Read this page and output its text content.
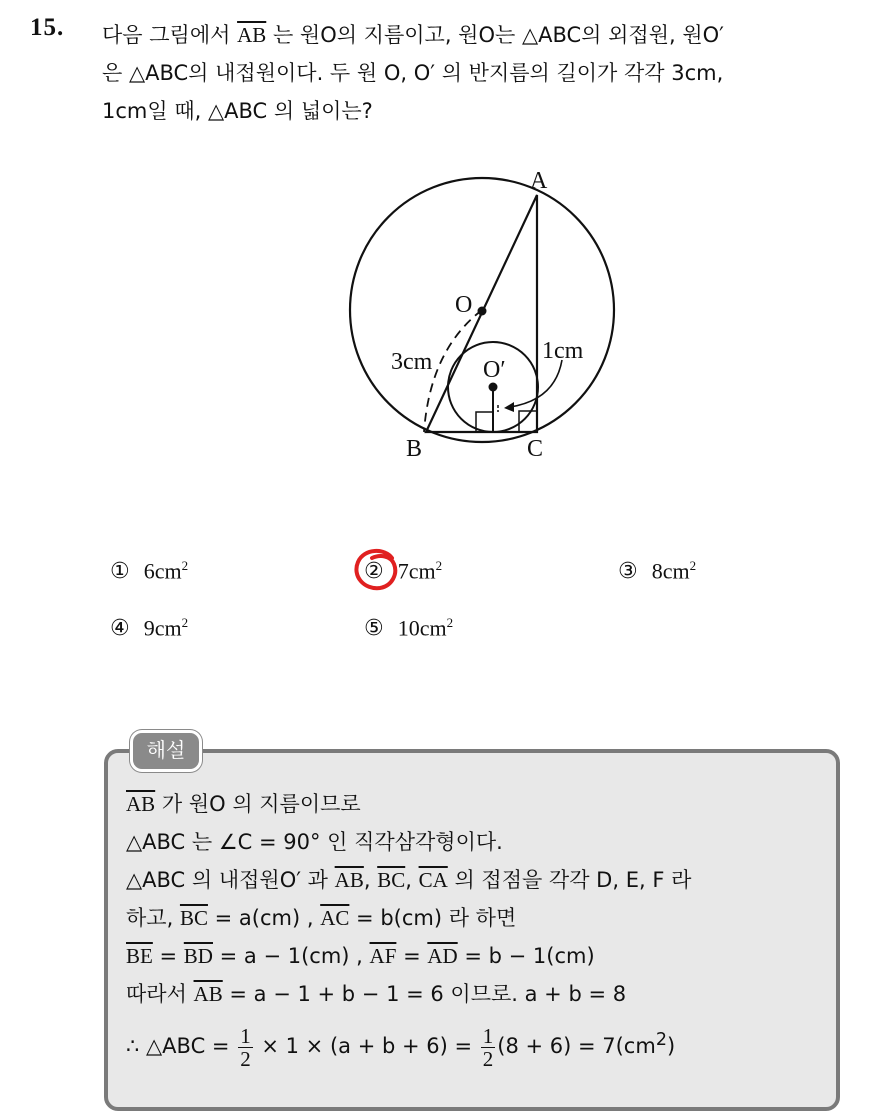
15. 다음 그림에서 $\overline{AB}$ 는 원O의 지름이고, 원O는 △ABC의 외접원, 원O′
은 △ABC의 내접원이다. 두 원 O, O′ 의 반지름의 길이가 각각 3cm,
1cm일 때, △ABC 의 넓이는?
A
B	C
O
O′
3cm	1cm
① $6cm^2$	② $7cm^2$	③ $8cm^2$
④ $9cm^2$	⑤ $10cm^2$
해설
$\overline{AB}$ 가 원O 의 지름이므로
△ABC 는 ∠C = 90° 인 직각삼각형이다.
△ABC 의 내접원O′ 과 $\overline{AB}$, $\overline{BC}$, $\overline{CA}$ 의 접점을 각각 D, E, F 라
하고, $\overline{BC} = a(cm)$ , $\overline{AC} = b(cm)$ 라 하면
$\overline{BE} = \overline{BD} = a - 1(cm)$ , $\overline{AF} = \overline{AD} = b - 1(cm)$
따라서 $\overline{AB} = a - 1 + b - 1 = 6$ 이므로. a + b = 8
∴ △ABC = $\frac{1}{2} \times 1 \times (a + b + 6) = \frac{1}{2} (8 + 6) = 7(cm^2)$
